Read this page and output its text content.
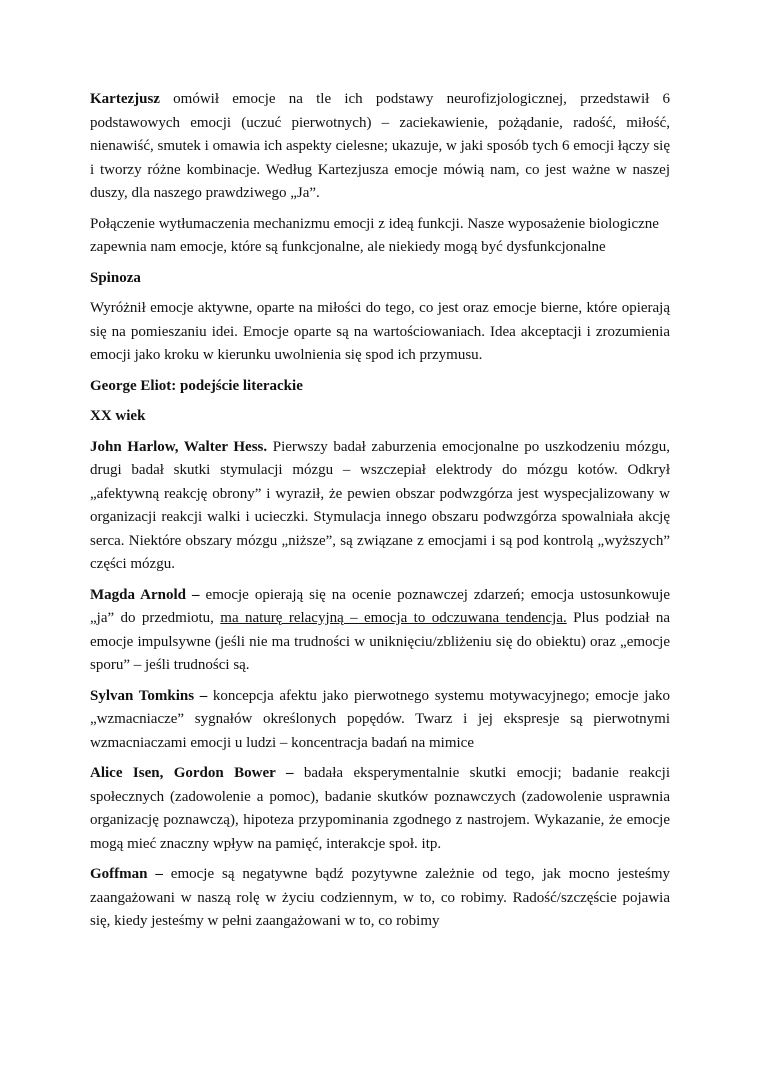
Kartezjusz omówił emocje na tle ich podstawy neurofizjologicznej, przedstawił 6 podstawowych emocji (uczuć pierwotnych) – zaciekawienie, pożądanie, radość, miłość, nienawiść, smutek i omawia ich aspekty cielesne; ukazuje, w jaki sposób tych 6 emocji łączy się i tworzy różne kombinacje. Według Kartezjusza emocje mówią nam, co jest ważne w naszej duszy, dla naszego prawdziwego „Ja”.

Połączenie wytłumaczenia mechanizmu emocji z ideą funkcji. Nasze wyposażenie biologiczne zapewnia nam emocje, które są funkcjonalne, ale niekiedy mogą być dysfunkcjonalne

Spinoza

Wyróżnił emocje aktywne, oparte na miłości do tego, co jest oraz emocje bierne, które opierają się na pomieszaniu idei. Emocje oparte są na wartościowaniach. Idea akceptacji i zrozumienia emocji jako kroku w kierunku uwolnienia się spod ich przymusu.

George Eliot: podejście literackie

XX wiek

John Harlow, Walter Hess. Pierwszy badał zaburzenia emocjonalne po uszkodzeniu mózgu, drugi badał skutki stymulacji mózgu – wszczepiał elektrody do mózgu kotów. Odkrył „afektywną reakcję obrony” i wyraził, że pewien obszar podwzgórza jest wyspecjalizowany w organizacji reakcji walki i ucieczki. Stymulacja innego obszaru podwzgórza spowalniała akcję serca. Niektóre obszary mózgu „niższe”, są związane z emocjami i są pod kontrolą „wyższych” części mózgu.

Magda Arnold – emocje opierają się na ocenie poznawczej zdarzeń; emocja ustosunkowuje „ja” do przedmiotu, ma naturę relacyjną – emocja to odczuwana tendencja. Plus podział na emocje impulsywne (jeśli nie ma trudności w uniknięciu/zbliżeniu się do obiektu) oraz „emocje sporu” – jeśli trudności są.

Sylvan Tomkins – koncepcja afektu jako pierwotnego systemu motywacyjnego; emocje jako „wzmacniacze” sygnałów określonych popędów. Twarz i jej ekspresje są pierwotnymi wzmacniaczami emocji u ludzi – koncentracja badań na mimice

Alice Isen, Gordon Bower – badała eksperymentalnie skutki emocji; badanie reakcji społecznych (zadowolenie a pomoc), badanie skutków poznawczych (zadowolenie usprawnia organizację poznawczą), hipoteza przypominania zgodnego z nastrojem. Wykazanie, że emocje mogą mieć znaczny wpływ na pamięć, interakcje społ. itp.

Goffman – emocje są negatywne bądź pozytywne zależnie od tego, jak mocno jesteśmy zaangażowani w naszą rolę w życiu codziennym, w to, co robimy. Radość/szczęście pojawia się, kiedy jesteśmy w pełni zaangażowani w to, co robimy
